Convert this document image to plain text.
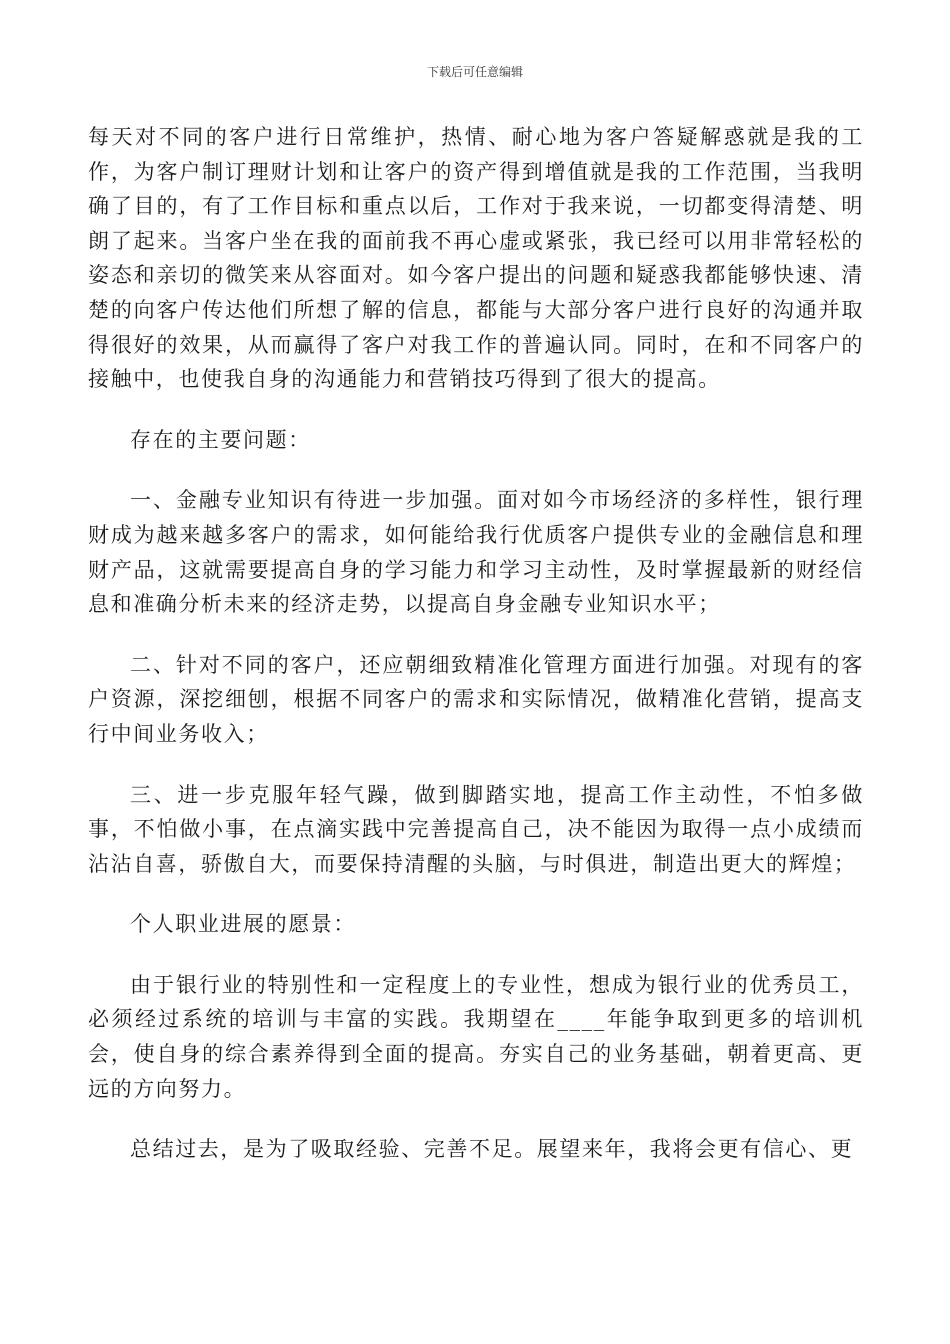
下载后可任意编辑

每天对不同的客户进行日常维护，热情、耐心地为客户答疑解惑就是我的工作，为客户制订理财计划和让客户的资产得到增值就是我的工作范围，当我明确了目的，有了工作目标和重点以后，工作对于我来说，一切都变得清楚、明朗了起来。当客户坐在我的面前我不再心虚或紧张，我已经可以用非常轻松的姿态和亲切的微笑来从容面对。如今客户提出的问题和疑惑我都能够快速、清楚的向客户传达他们所想了解的信息，都能与大部分客户进行良好的沟通并取得很好的效果，从而赢得了客户对我工作的普遍认同。同时，在和不同客户的接触中，也使我自身的沟通能力和营销技巧得到了很大的提高。

存在的主要问题：

一、金融专业知识有待进一步加强。面对如今市场经济的多样性，银行理财成为越来越多客户的需求，如何能给我行优质客户提供专业的金融信息和理财产品，这就需要提高自身的学习能力和学习主动性，及时掌握最新的财经信息和准确分析未来的经济走势，以提高自身金融专业知识水平；

二、针对不同的客户，还应朝细致精准化管理方面进行加强。对现有的客户资源，深挖细刨，根据不同客户的需求和实际情况，做精准化营销，提高支行中间业务收入；

三、进一步克服年轻气躁，做到脚踏实地，提高工作主动性，不怕多做事，不怕做小事，在点滴实践中完善提高自己，决不能因为取得一点小成绩而沾沾自喜，骄傲自大，而要保持清醒的头脑，与时俱进，制造出更大的辉煌；

个人职业进展的愿景：

由于银行业的特别性和一定程度上的专业性，想成为银行业的优秀员工，必须经过系统的培训与丰富的实践。我期望在____年能争取到更多的培训机会，使自身的综合素养得到全面的提高。夯实自己的业务基础，朝着更高、更远的方向努力。

总结过去，是为了吸取经验、完善不足。展望来年，我将会更有信心、更
